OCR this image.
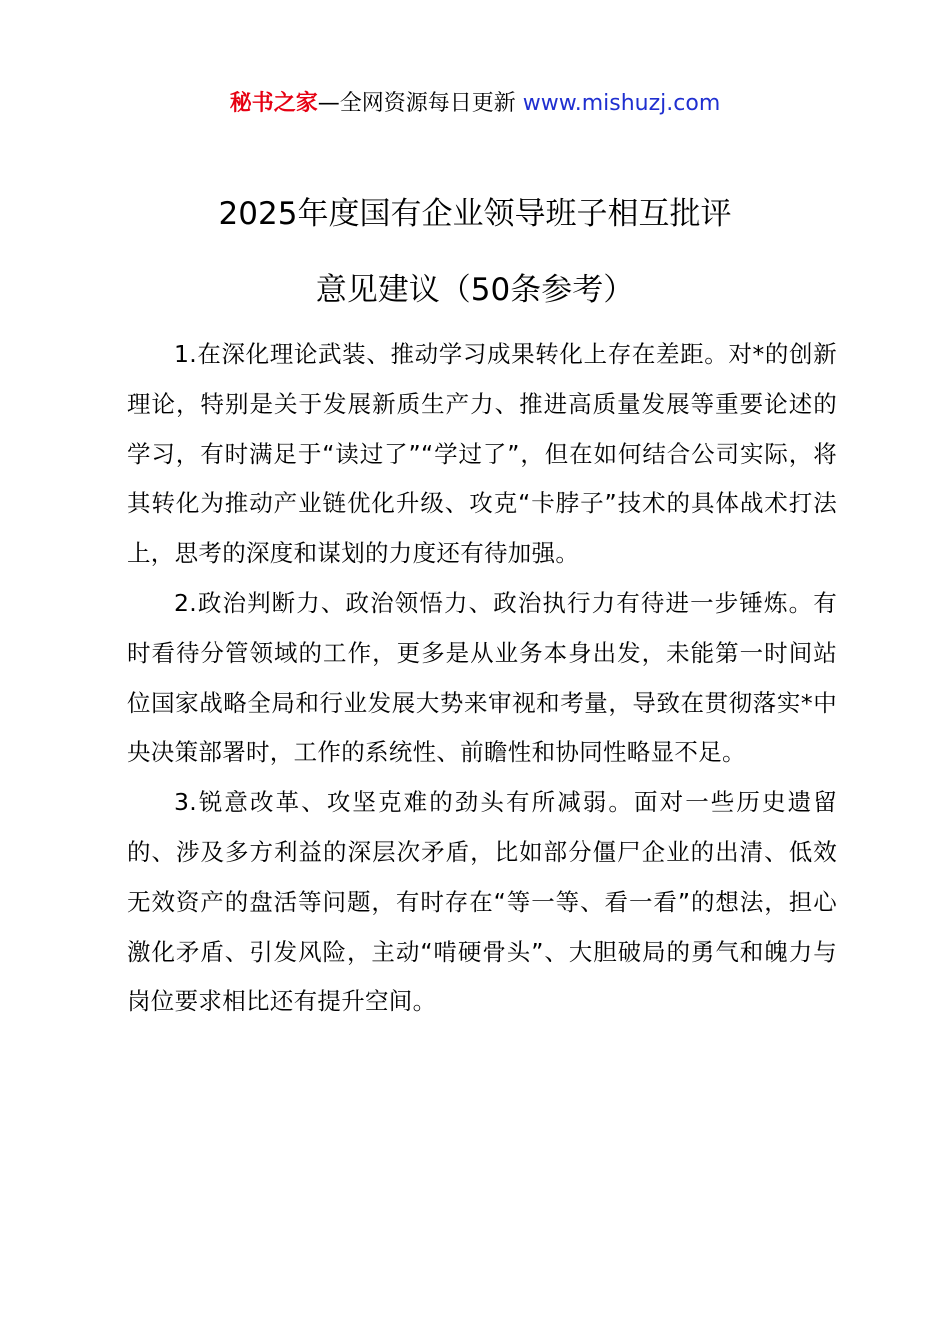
秘书之家—全网资源每日更新 www.mishuzj.com
2025年度国有企业领导班子相互批评
意见建议（50条参考）

1.在深化理论武装、推动学习成果转化上存在差距。对*的创新理论，特别是关于发展新质生产力、推进高质量发展等重要论述的学习，有时满足于“读过了”“学过了”，但在如何结合公司实际，将其转化为推动产业链优化升级、攻克“卡脖子”技术的具体战术打法上，思考的深度和谋划的力度还有待加强。

2.政治判断力、政治领悟力、政治执行力有待进一步锤炼。有时看待分管领域的工作，更多是从业务本身出发，未能第一时间站位国家战略全局和行业发展大势来审视和考量，导致在贯彻落实*中央决策部署时，工作的系统性、前瞻性和协同性略显不足。

3.锐意改革、攻坚克难的劲头有所减弱。面对一些历史遗留的、涉及多方利益的深层次矛盾，比如部分僵尸企业的出清、低效无效资产的盘活等问题，有时存在“等一等、看一看”的想法，担心激化矛盾、引发风险，主动“啃硬骨头”、大胆破局的勇气和魄力与岗位要求相比还有提升空间。
